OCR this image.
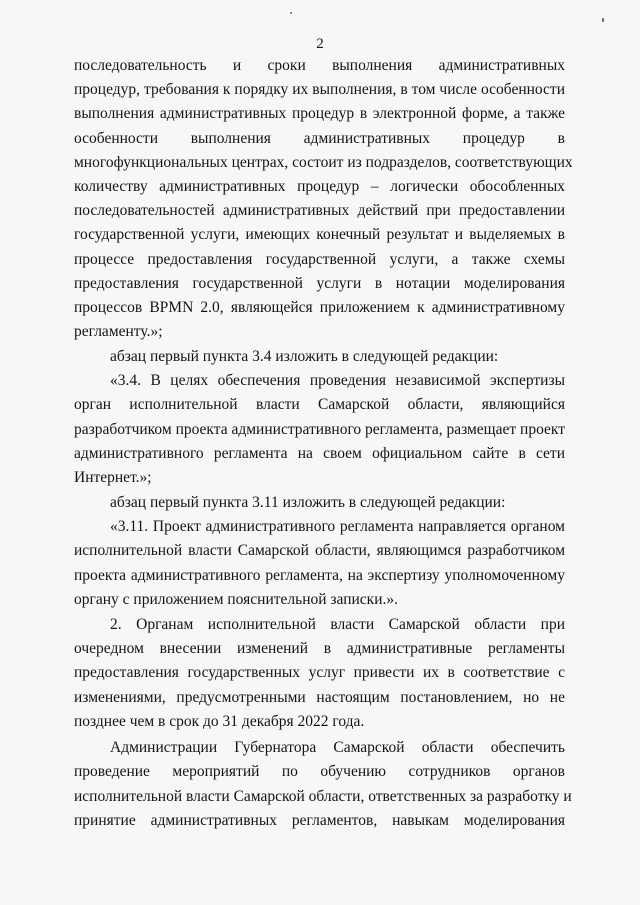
2
последовательность и сроки выполнения административных
процедур, требования к порядку их выполнения, в том числе особенности
выполнения административных процедур в электронной форме, а также
особенности выполнения административных процедур в
многофункциональных центрах, состоит из подразделов, соответствующих
количеству административных процедур – логически обособленных
последовательностей административных действий при предоставлении
государственной услуги, имеющих конечный результат и выделяемых в
процессе предоставления государственной услуги, а также схемы
предоставления государственной услуги в нотации моделирования
процессов BPMN 2.0, являющейся приложением к административному
регламенту.»;
абзац первый пункта 3.4 изложить в следующей редакции:
«3.4. В целях обеспечения проведения независимой экспертизы
орган исполнительной власти Самарской области, являющийся
разработчиком проекта административного регламента, размещает проект
административного регламента на своем официальном сайте в сети
Интернет.»;
абзац первый пункта 3.11 изложить в следующей редакции:
«3.11. Проект административного регламента направляется органом
исполнительной власти Самарской области, являющимся разработчиком
проекта административного регламента, на экспертизу уполномоченному
органу с приложением пояснительной записки.».
2. Органам исполнительной власти Самарской области при
очередном внесении изменений в административные регламенты
предоставления государственных услуг привести их в соответствие с
изменениями, предусмотренными настоящим постановлением, но не
позднее чем в срок до 31 декабря 2022 года.
Администрации Губернатора Самарской области обеспечить
проведение мероприятий по обучению сотрудников органов
исполнительной власти Самарской области, ответственных за разработку и
принятие административных регламентов, навыкам моделирования
